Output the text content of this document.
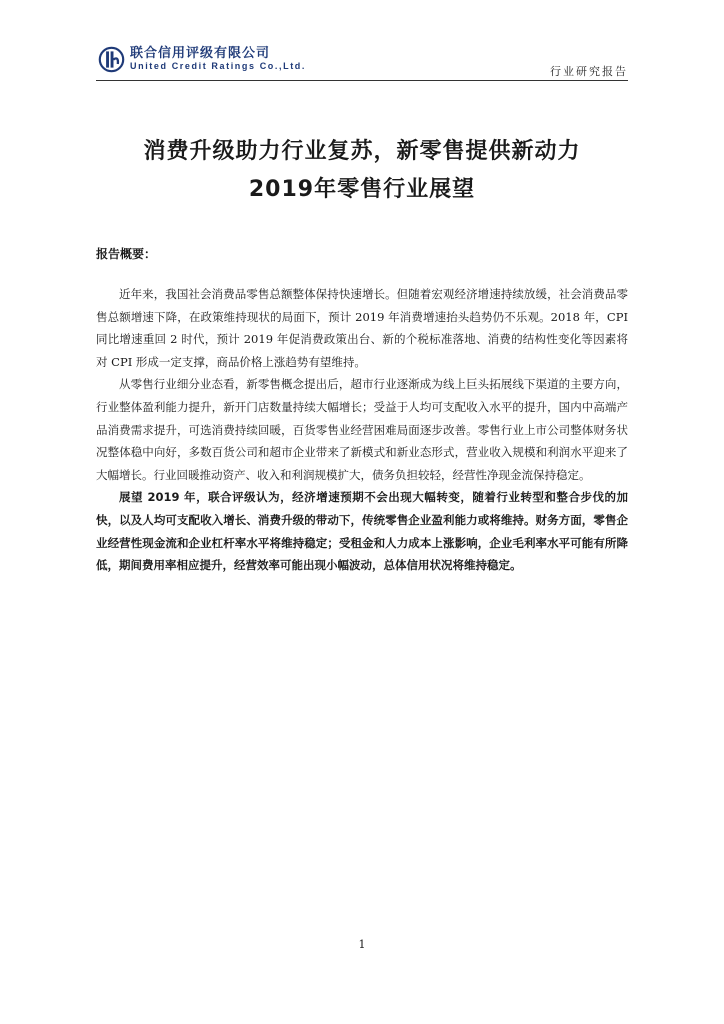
联合信用评级有限公司
United Credit Ratings Co.,Ltd.	行业研究报告
消费升级助力行业复苏，新零售提供新动力
2019年零售行业展望
报告概要：

近年来，我国社会消费品零售总额整体保持快速增长。但随着宏观经济增速持续放缓，社会消费品零售总额增速下降，在政策维持现状的局面下，预计 2019 年消费增速抬头趋势仍不乐观。2018 年，CPI 同比增速重回 2 时代，预计 2019 年促消费政策出台、新的个税标准落地、消费的结构性变化等因素将对 CPI 形成一定支撑，商品价格上涨趋势有望维持。

从零售行业细分业态看，新零售概念提出后，超市行业逐渐成为线上巨头拓展线下渠道的主要方向，行业整体盈利能力提升，新开门店数量持续大幅增长；受益于人均可支配收入水平的提升，国内中高端产品消费需求提升，可选消费持续回暖，百货零售业经营困难局面逐步改善。零售行业上市公司整体财务状况整体稳中向好，多数百货公司和超市企业带来了新模式和新业态形式，营业收入规模和利润水平迎来了大幅增长。行业回暖推动资产、收入和利润规模扩大，债务负担较轻，经营性净现金流保持稳定。

展望 2019 年，联合评级认为，经济增速预期不会出现大幅转变，随着行业转型和整合步伐的加快，以及人均可支配收入增长、消费升级的带动下，传统零售企业盈利能力或将维持。财务方面，零售企业经营性现金流和企业杠杆率水平将维持稳定；受租金和人力成本上涨影响，企业毛利率水平可能有所降低，期间费用率相应提升，经营效率可能出现小幅波动，总体信用状况将维持稳定。

1
